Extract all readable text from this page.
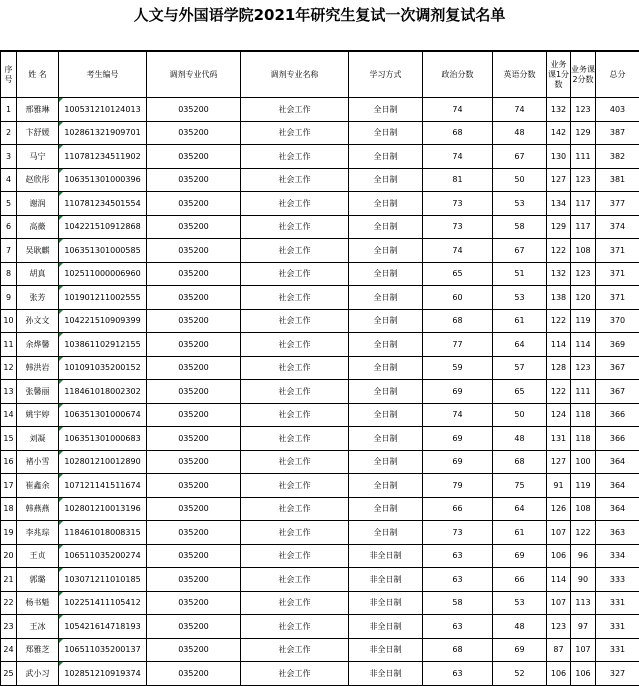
人文与外国语学院2021年研究生复试一次调剂复试名单
序号	姓 名	考生编号	调剂专业代码	调剂专业名称	学习方式	政治分数	英语分数	业务课1分数	业务课2分数	总分
1	邢雅琳	100531210124013	035200	社会工作	全日制	74	74	132	123	403
2	卞舒媛	102861321909701	035200	社会工作	全日制	68	48	142	129	387
3	马宁	110781234511902	035200	社会工作	全日制	74	67	130	111	382
4	赵欣彤	106351301000396	035200	社会工作	全日制	81	50	127	123	381
5	谢润	110781234501554	035200	社会工作	全日制	73	53	134	117	377
6	高薇	104221510912868	035200	社会工作	全日制	73	58	129	117	374
7	吴耿麒	106351301000585	035200	社会工作	全日制	74	67	122	108	371
8	胡真	102511000006960	035200	社会工作	全日制	65	51	132	123	371
9	张芳	101901211002555	035200	社会工作	全日制	60	53	138	120	371
10	孙文文	104221510909399	035200	社会工作	全日制	68	61	122	119	370
11	余烨馨	103861102912155	035200	社会工作	全日制	77	64	114	114	369
12	韩洪岩	101091035200152	035200	社会工作	全日制	59	57	128	123	367
13	张馨丽	118461018002302	035200	社会工作	全日制	69	65	122	111	367
14	姚宇婷	106351301000674	035200	社会工作	全日制	74	50	124	118	366
15	刘凝	106351301000683	035200	社会工作	全日制	69	48	131	118	366
16	褚小雪	102801210012890	035200	社会工作	全日制	69	68	127	100	364
17	崔鑫余	107121141511674	035200	社会工作	全日制	79	75	91	119	364
18	韩燕燕	102801210013196	035200	社会工作	全日制	66	64	126	108	364
19	李兆琮	118461018008315	035200	社会工作	全日制	73	61	107	122	363
20	王贞	106511035200274	035200	社会工作	非全日制	63	69	106	96	334
21	郭璐	103071211010185	035200	社会工作	非全日制	63	66	114	90	333
22	杨书魁	102251411105412	035200	社会工作	非全日制	58	53	107	113	331
23	王冰	105421614718193	035200	社会工作	非全日制	63	48	123	97	331
24	郑雅芝	106511035200137	035200	社会工作	非全日制	68	69	87	107	331
25	武小习	102851210919374	035200	社会工作	非全日制	63	52	106	106	327
